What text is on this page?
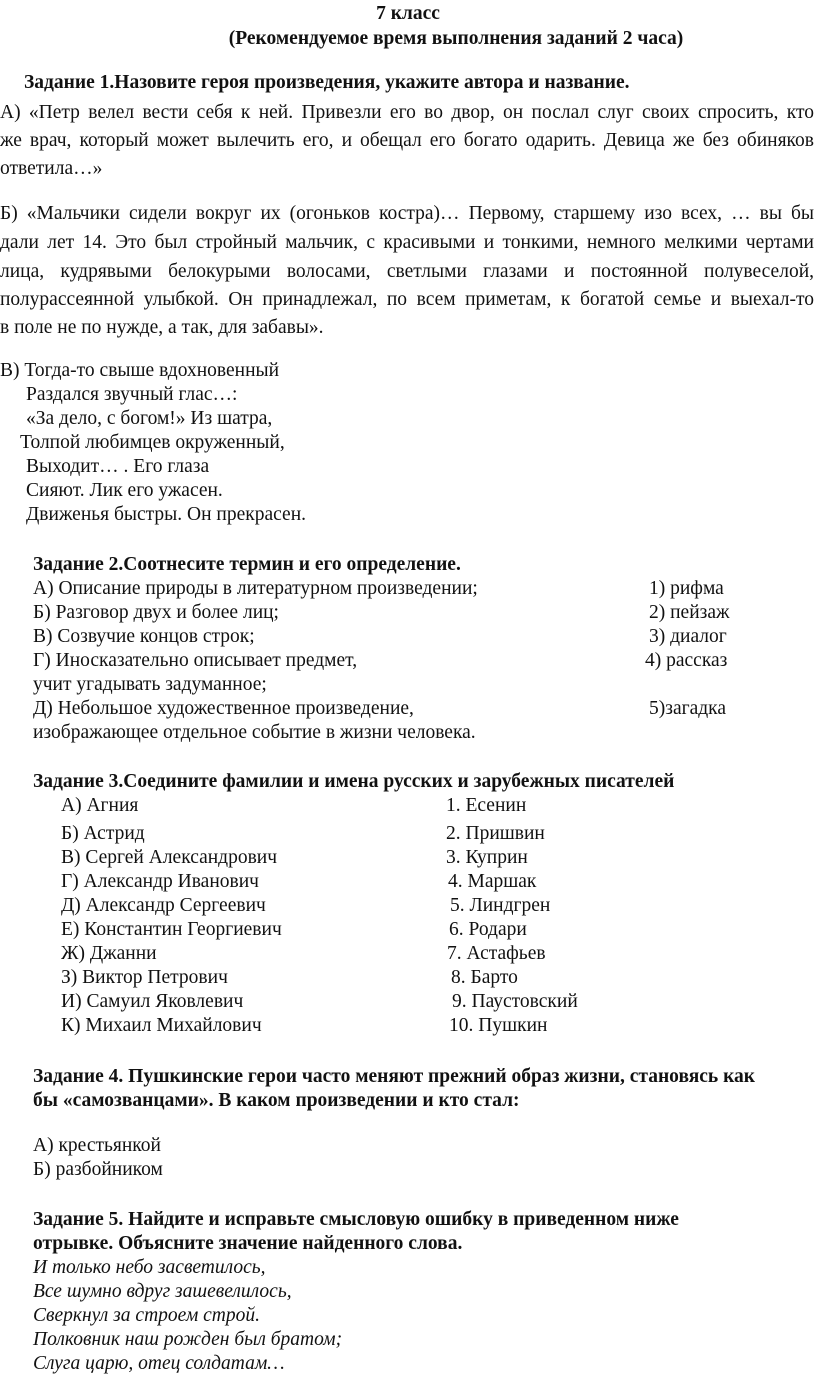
7 класс
(Рекомендуемое время выполнения заданий 2 часа)
Задание 1.Назовите героя произведения, укажите автора и название.
А) «Петр велел вести себя к ней. Привезли его во двор, он послал слуг своих спросить, кто
же врач, который может вылечить его, и обещал его богато одарить. Девица же без обиняков
ответила…»
Б) «Мальчики сидели вокруг их (огоньков костра)… Первому, старшему изо всех, … вы бы
дали лет 14. Это был стройный мальчик, с красивыми и тонкими, немного мелкими чертами
лица, кудрявыми белокурыми волосами, светлыми глазами и постоянной полувеселой,
полурассеянной улыбкой. Он принадлежал, по всем приметам, к богатой семье и выехал-то
в поле не по нужде, а так, для забавы».
В) Тогда-то свыше вдохновенный
Раздался звучный глас…:
«За дело, с богом!» Из шатра,
Толпой любимцев окруженный,
Выходит… . Его глаза
Сияют. Лик его ужасен.
Движенья быстры. Он прекрасен.
Задание 2.Соотнесите термин и его определение.
А) Описание природы в литературном произведении;
Б) Разговор двух и более лиц;
В) Созвучие концов строк;
Г) Иносказательно описывает предмет,
учит угадывать задуманное;
Д) Небольшое художественное произведение,
изображающее отдельное событие в жизни человека.
1) рифма
2) пейзаж
3) диалог
4) рассказ
5)загадка
Задание 3.Соедините фамилии и имена русских и зарубежных писателей
А) Агния
Б) Астрид
В) Сергей Александрович
Г) Александр Иванович
Д) Александр Сергеевич
Е) Константин Георгиевич
Ж) Джанни
З) Виктор Петрович
И) Самуил Яковлевич
К) Михаил Михайлович
1. Есенин
2. Пришвин
3. Куприн
4. Маршак
5. Линдгрен
6. Родари
7. Астафьев
8. Барто
9. Паустовский
10. Пушкин
Задание 4. Пушкинские герои часто меняют прежний образ жизни, становясь как
бы «самозванцами». В каком произведении и кто стал:
А) крестьянкой
Б) разбойником
Задание 5. Найдите и исправьте смысловую ошибку в приведенном ниже
отрывке. Объясните значение найденного слова.
И только небо засветилось,
Все шумно вдруг зашевелилось,
Сверкнул за строем строй.
Полковник наш рожден был братом;
Слуга царю, отец солдатам…
